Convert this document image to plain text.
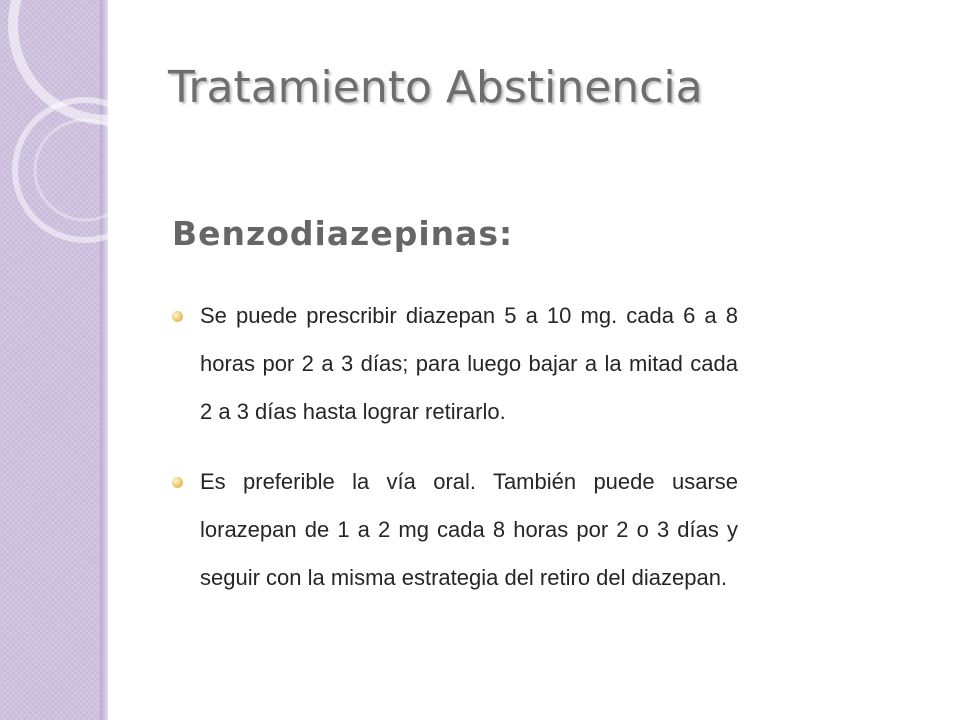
Tratamiento Abstinencia
Benzodiazepinas:
Se puede prescribir diazepan 5 a 10 mg. cada 6 a 8 horas por 2 a 3 días; para luego bajar a la mitad cada 2 a 3 días hasta lograr retirarlo.
Es preferible la vía oral. También puede usarse lorazepan de 1 a 2 mg cada 8 horas por 2 o 3 días y seguir con la misma estrategia del retiro del diazepan.
